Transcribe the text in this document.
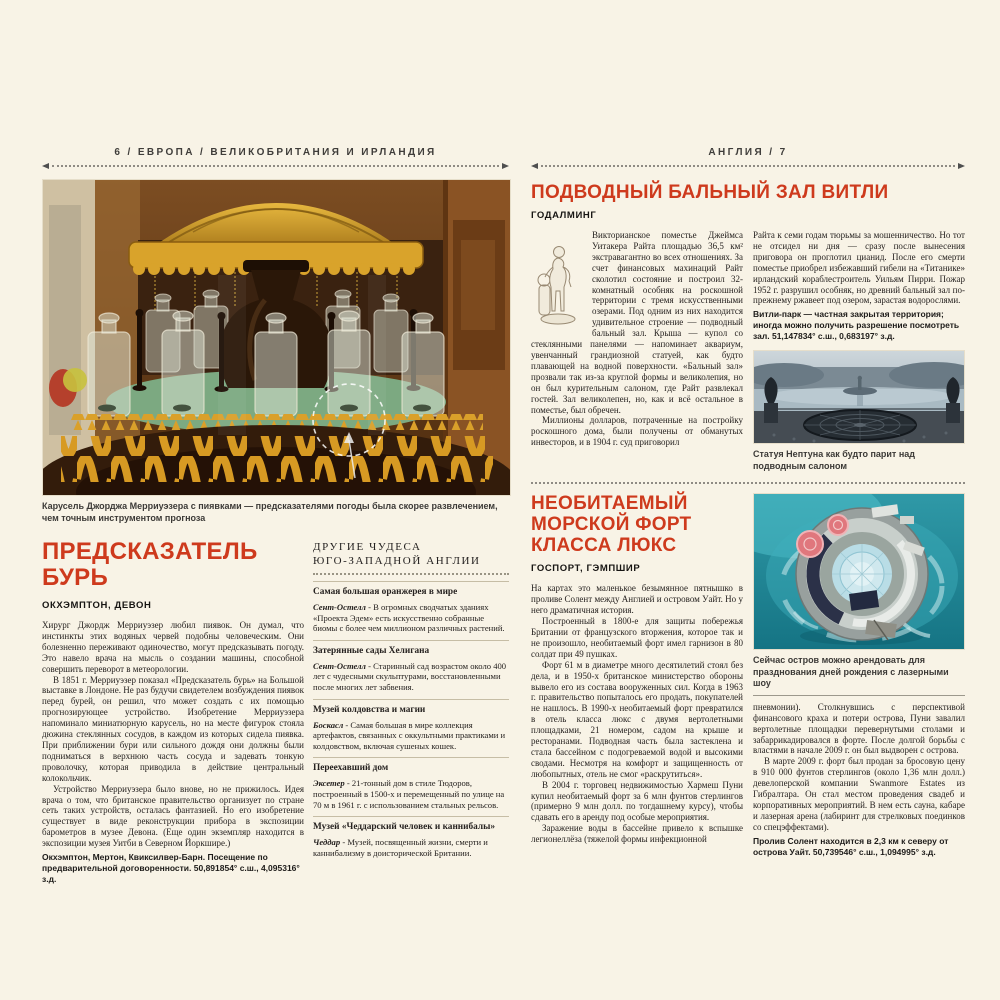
6 / ЕВРОПА / ВЕЛИКОБРИТАНИЯ И ИРЛАНДИЯ
Карусель Джорджа Мерриуэзера с пиявками — предсказателями погоды была скорее развлечением, чем точным инструментом прогноза
ПРЕДСКАЗАТЕЛЬ БУРЬ
ОКХЭМПТОН, ДЕВОН

Хирург Джордж Мерриуэзер любил пиявок. Он думал, что инстинкты этих водяных червей подобны человеческим. Они болезненно переживают одиночество, могут предсказывать погоду. Это навело врача на мысль о создании машины, способной совершить переворот в метеорологии.

В 1851 г. Мерриуэзер показал «Предсказатель бурь» на Большой выставке в Лондоне. Не раз будучи свидетелем возбуждения пиявок перед бурей, он решил, что может создать с их помощью прогнозирующее устройство. Изобретение Мерриуэзера напоминало миниатюрную карусель, но на месте фигурок стояла дюжина стеклянных сосудов, в каждом из которых сидела пиявка. При приближении бури или сильного дождя они должны были подниматься в верхнюю часть сосуда и задевать тонкую проволочку, которая приводила в действие центральный колокольчик.

Устройство Мерриуэзера было внове, но не прижилось. Идея врача о том, что британское правительство организует по стране сеть таких устройств, осталась фантазией. Но его изобретение существует в виде реконструкции прибора в экспозиции барометров в музее Девона. (Еще один экземпляр находится в экспозиции музея Уитби в Северном Йоркшире.)

Окхэмптон, Мертон, Квиксилвер-Барн. Посещение по предварительной договоренности. 50,891854° с.ш., 4,095316° з.д.

ДРУГИЕ ЧУДЕСА
ЮГО-ЗАПАДНОЙ АНГЛИИ

Самая большая оранжерея в мире

Сент-Остелл - В огромных сводчатых зданиях «Проекта Эдем» есть искусственно собранные биомы с более чем миллионом различных растений.

Затерянные сады Хелигана

Сент-Остелл - Старинный сад возрастом около 400 лет с чудесными скульптурами, восстановленными после многих лет забвения.

Музей колдовства и магии

Боскасл - Самая большая в мире коллекция артефактов, связанных с оккультными практиками и колдовством, включая сушеных кошек.

Переехавший дом

Эксетер - 21-тонный дом в стиле Тюдоров, построенный в 1500-х и перемещенный по улице на 70 м в 1961 г. с использованием стальных рельсов.

Музей «Чеддарский человек и каннибалы»

Чеддар - Музей, посвященный жизни, смерти и каннибализму в доисторической Британии.

АНГЛИЯ / 7
ПОДВОДНЫЙ БАЛЬНЫЙ ЗАЛ ВИТЛИ
ГОДАЛМИНГ

Викторианское поместье Джеймса Уитакера Райта площадью 36,5 км² экстравагантно во всех отношениях. За счет финансовых махинаций Райт сколотил состояние и построил 32-комнатный особняк на роскошной территории с тремя искусственными озерами. Под одним из них находится удивительное строение — подводный бальный зал. Крыша — купол со стеклянными панелями — напоминает аквариум, увенчанный грандиозной статуей, как будто плавающей на водной поверхности. «Бальный зал» прозвали так из-за круглой формы и великолепия, но он был курительным салоном, где Райт развлекал гостей. Зал великолепен, но, как и всё остальное в поместье, был обречен.

Миллионы долларов, потраченные на постройку роскошного дома, были получены от обманутых инвесторов, и в 1904 г. суд приговорил

Райта к семи годам тюрьмы за мошенничество. Но тот не отсидел ни дня — сразу после вынесения приговора он проглотил цианид. После его смерти поместье приобрел избежавший гибели на «Титанике» ирландский кораблестроитель Уильям Пирри. Пожар 1952 г. разрушил особняк, но древний бальный зал по-прежнему ржавеет под озером, зарастая водорослями.

Витли-парк — частная закрытая территория; иногда можно получить разрешение посмотреть зал. 51,147834° с.ш., 0,683197° з.д.

Статуя Нептуна как будто парит над подводным салоном
НЕОБИТАЕМЫЙ МОРСКОЙ ФОРТ КЛАССА ЛЮКС
ГОСПОРТ, ГЭМПШИР

На картах это маленькое безымянное пятнышко в проливе Солент между Англией и островом Уайт. Но у него драматичная история.

Построенный в 1800-е для защиты побережья Британии от французского вторжения, которое так и не произошло, необитаемый форт имел гарнизон в 80 солдат при 49 пушках.

Форт 61 м в диаметре много десятилетий стоял без дела, и в 1950-х британское министерство обороны вывело его из состава вооруженных сил. Когда в 1963 г. правительство попыталось его продать, покупателей не нашлось. В 1990-х необитаемый форт превратился в отель класса люкс с двумя вертолетными площадками, 21 номером, садом на крыше и ресторанами. Подводная часть была застеклена и стала бассейном с подогреваемой водой и высокими сводами. Несмотря на комфорт и защищенность от любопытных, отель не смог «раскрутиться».

В 2004 г. торговец недвижимостью Хармеш Пуни купил необитаемый форт за 6 млн фунтов стерлингов (примерно 9 млн долл. по тогдашнему курсу), чтобы сдавать его в аренду под особые мероприятия.

Заражение воды в бассейне привело к вспышке легионеллёза (тяжелой формы инфекционной

Сейчас остров можно арендовать для празднования дней рождения с лазерными шоу

пневмонии). Столкнувшись с перспективой финансового краха и потери острова, Пуни завалил вертолетные площадки перевернутыми столами и забаррикадировался в форте. После долгой борьбы с властями в начале 2009 г. он был выдворен с острова.

В марте 2009 г. форт был продан за бросовую цену в 910 000 фунтов стерлингов (около 1,36 млн долл.) девелоперской компании Swanmore Estates из Гибралтара. Он стал местом проведения свадеб и корпоративных мероприятий. В нем есть сауна, кабаре и лазерная арена (лабиринт для стрелковых поединков со спецэффектами).

Пролив Солент находится в 2,3 км к северу от острова Уайт. 50,739546° с.ш., 1,094995° з.д.
